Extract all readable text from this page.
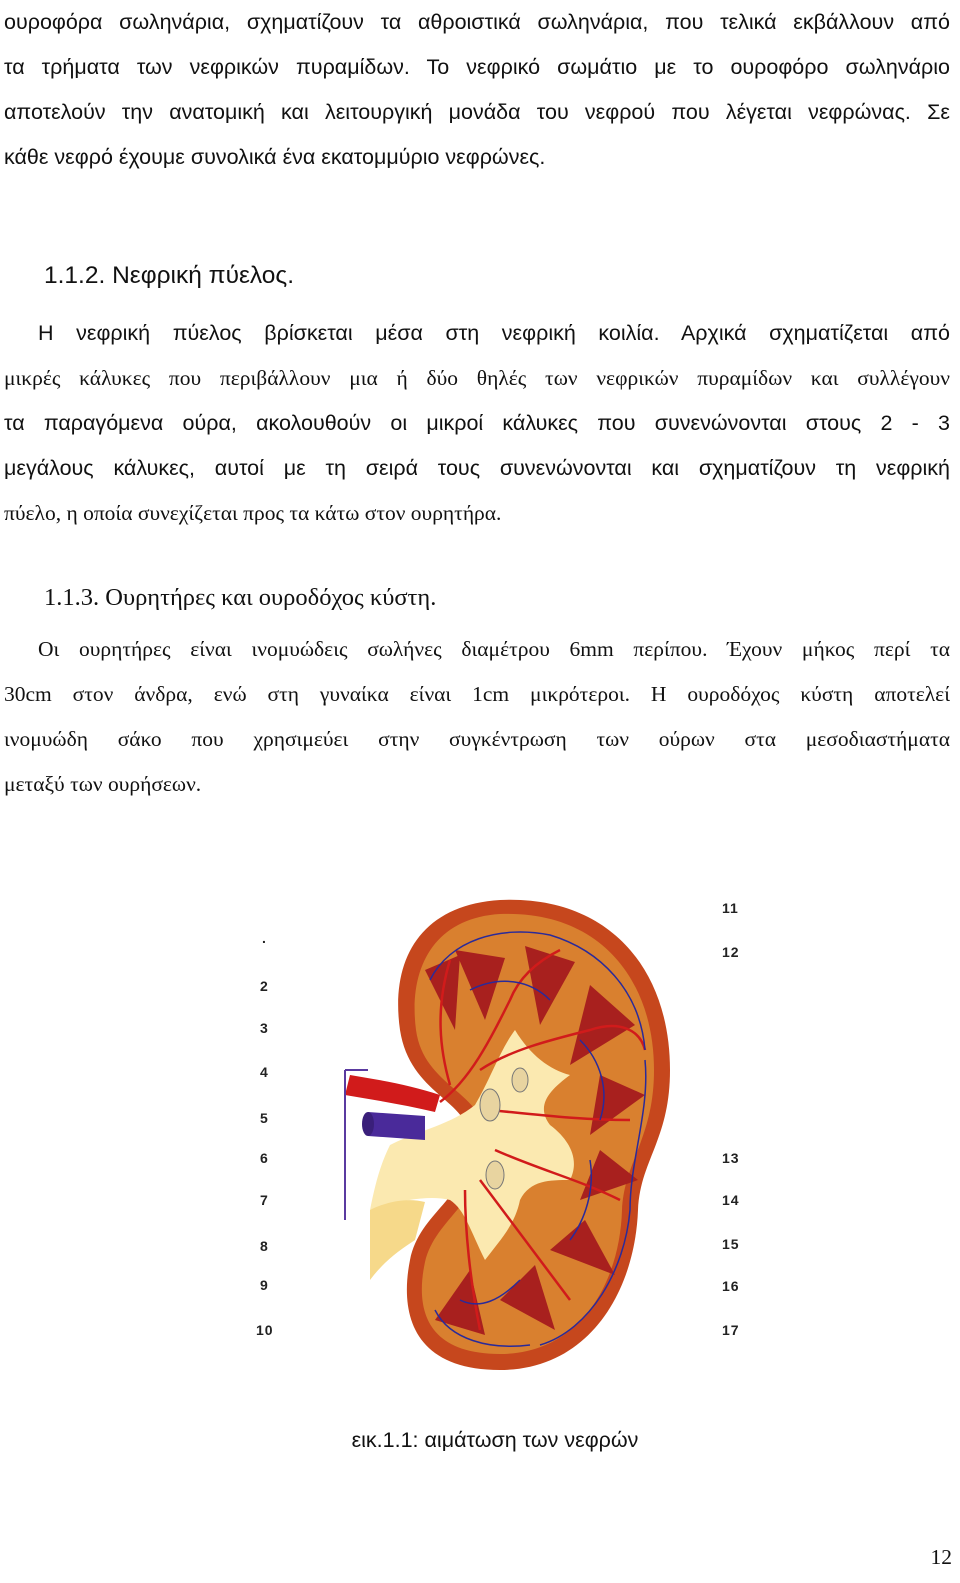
ουροφόρα σωληνάρια, σχηματίζουν τα αθροιστικά σωληνάρια, που τελικά εκβάλλουν από
τα τρήματα των νεφρικών πυραμίδων. Το νεφρικό σωμάτιο με το ουροφόρο σωληνάριο
αποτελούν την ανατομική και λειτουργική μονάδα του νεφρού που λέγεται νεφρώνας. Σε
κάθε νεφρό έχουμε συνολικά ένα εκατομμύριο νεφρώνες.
1.1.2. Νεφρική πύελος.
Η νεφρική πύελος βρίσκεται μέσα στη νεφρική κοιλία. Αρχικά σχηματίζεται από
μικρές κάλυκες που περιβάλλουν μια ή δύο θηλές των νεφρικών πυραμίδων και συλλέγουν
τα παραγόμενα ούρα, ακολουθούν οι μικροί κάλυκες που συνενώνονται στους 2 - 3
μεγάλους κάλυκες, αυτοί με τη σειρά τους συνενώνονται και σχηματίζουν τη νεφρική
πύελο, η οποία συνεχίζεται προς τα κάτω στον ουρητήρα.
1.1.3. Ουρητήρες και ουροδόχος κύστη.
Οι ουρητήρες είναι ινομυώδεις σωλήνες διαμέτρου 6mm περίπου. Έχουν μήκος περί τα
30cm στον άνδρα, ενώ στη γυναίκα είναι 1cm μικρότεροι. Η ουροδόχος κύστη αποτελεί
ινομυώδη σάκο που χρησιμεύει στην συγκέντρωση των ούρων στα μεσοδιαστήματα
μεταξύ των ουρήσεων.
.
2
3
4
5
6
7
8
9
10
11
12
13
14
15
16
17
εικ.1.1: αιμάτωση των νεφρών
12
